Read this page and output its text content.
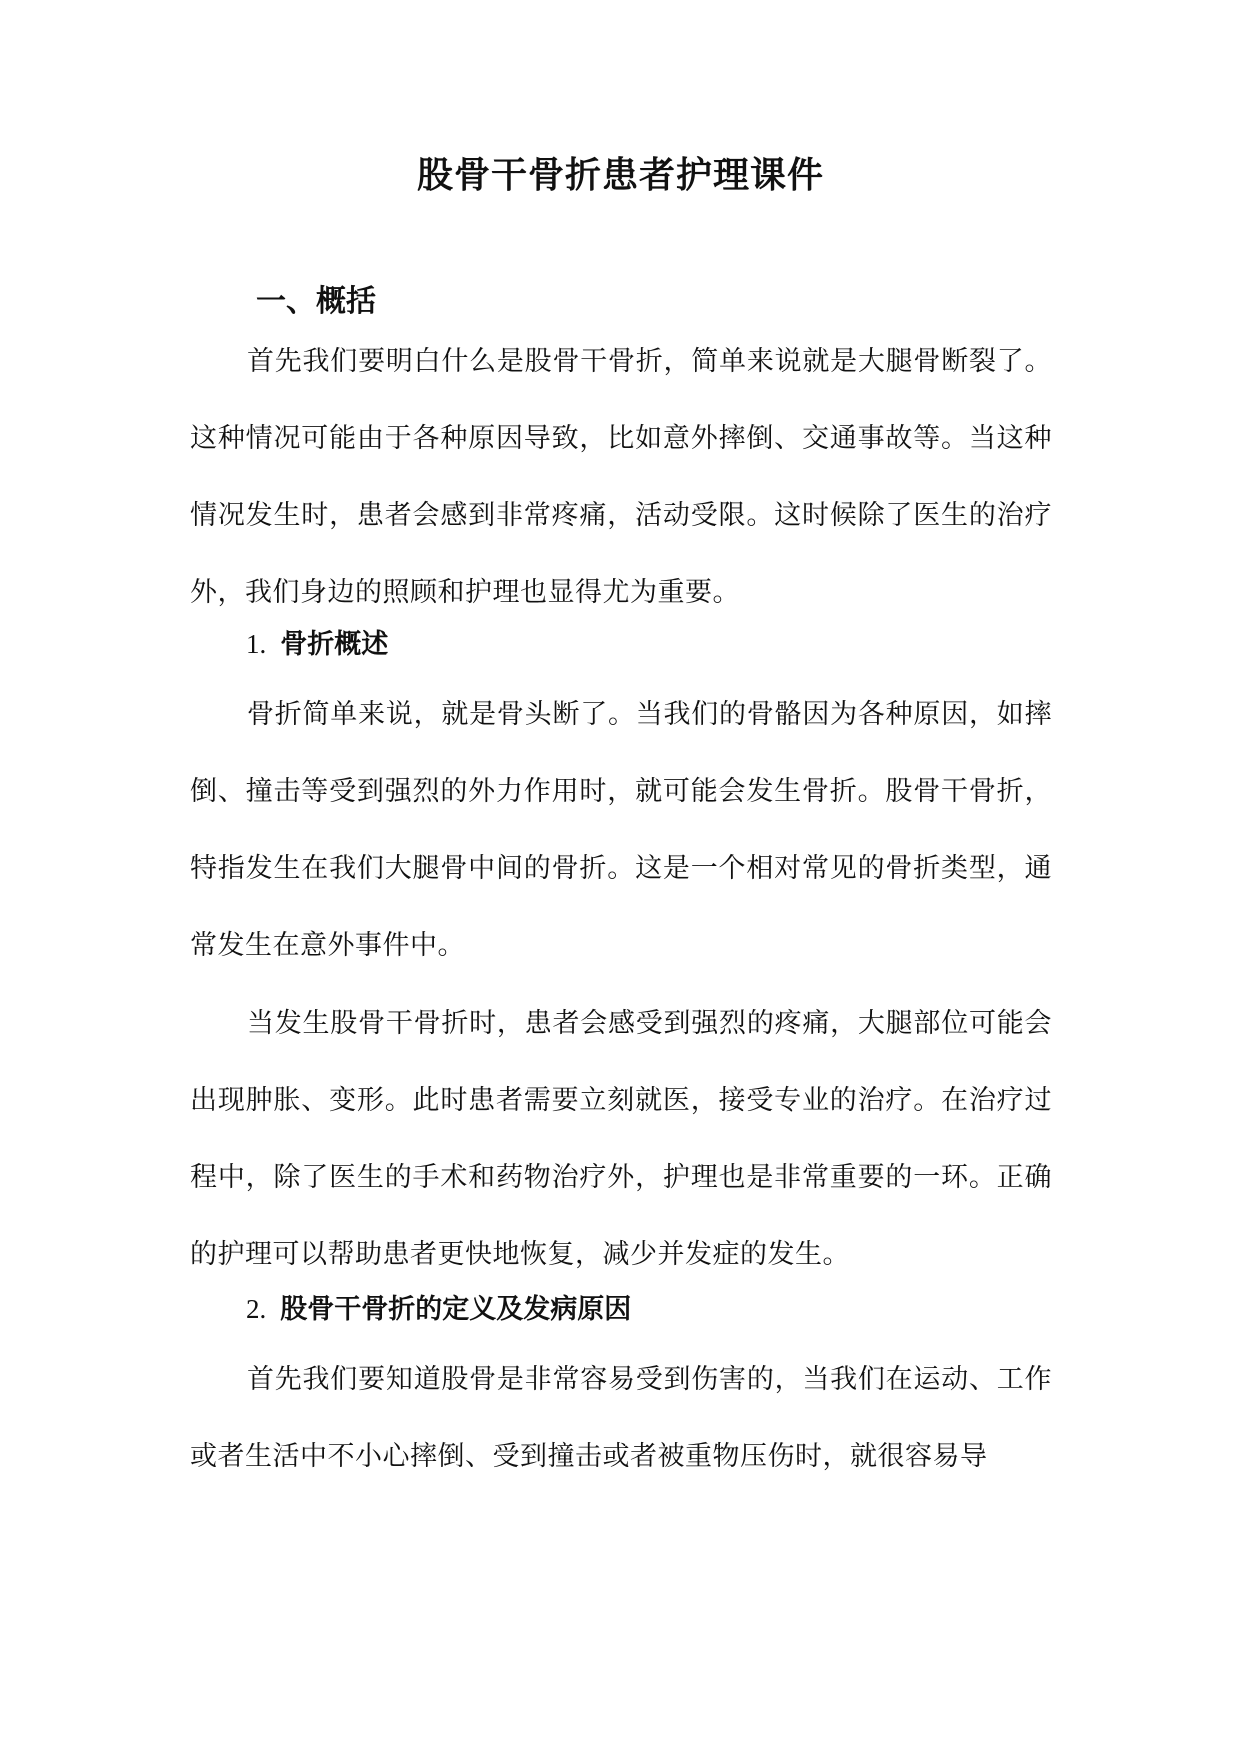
股骨干骨折患者护理课件
一、概括

首先我们要明白什么是股骨干骨折，简单来说就是大腿骨断裂了。这种情况可能由于各种原因导致，比如意外摔倒、交通事故等。当这种情况发生时，患者会感到非常疼痛，活动受限。这时候除了医生的治疗外，我们身边的照顾和护理也显得尤为重要。

1. 骨折概述

骨折简单来说，就是骨头断了。当我们的骨骼因为各种原因，如摔倒、撞击等受到强烈的外力作用时，就可能会发生骨折。股骨干骨折，特指发生在我们大腿骨中间的骨折。这是一个相对常见的骨折类型，通常发生在意外事件中。

当发生股骨干骨折时，患者会感受到强烈的疼痛，大腿部位可能会出现肿胀、变形。此时患者需要立刻就医，接受专业的治疗。在治疗过程中，除了医生的手术和药物治疗外，护理也是非常重要的一环。正确的护理可以帮助患者更快地恢复，减少并发症的发生。

2. 股骨干骨折的定义及发病原因

首先我们要知道股骨是非常容易受到伤害的，当我们在运动、工作或者生活中不小心摔倒、受到撞击或者被重物压伤时，就很容易导
